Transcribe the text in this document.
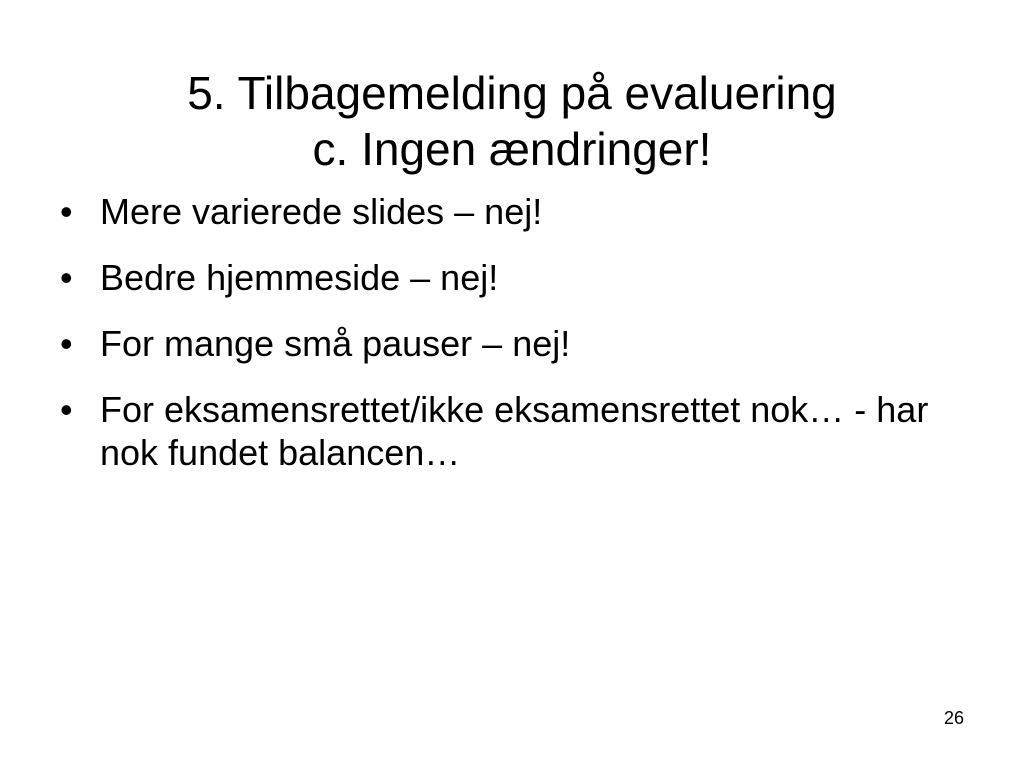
5. Tilbagemelding på evaluering
c. Ingen ændringer!
• Mere varierede slides – nej!
• Bedre hjemmeside – nej!
• For mange små pauser – nej!
• For eksamensrettet/ikke eksamensrettet nok… - har nok fundet balancen…
26
